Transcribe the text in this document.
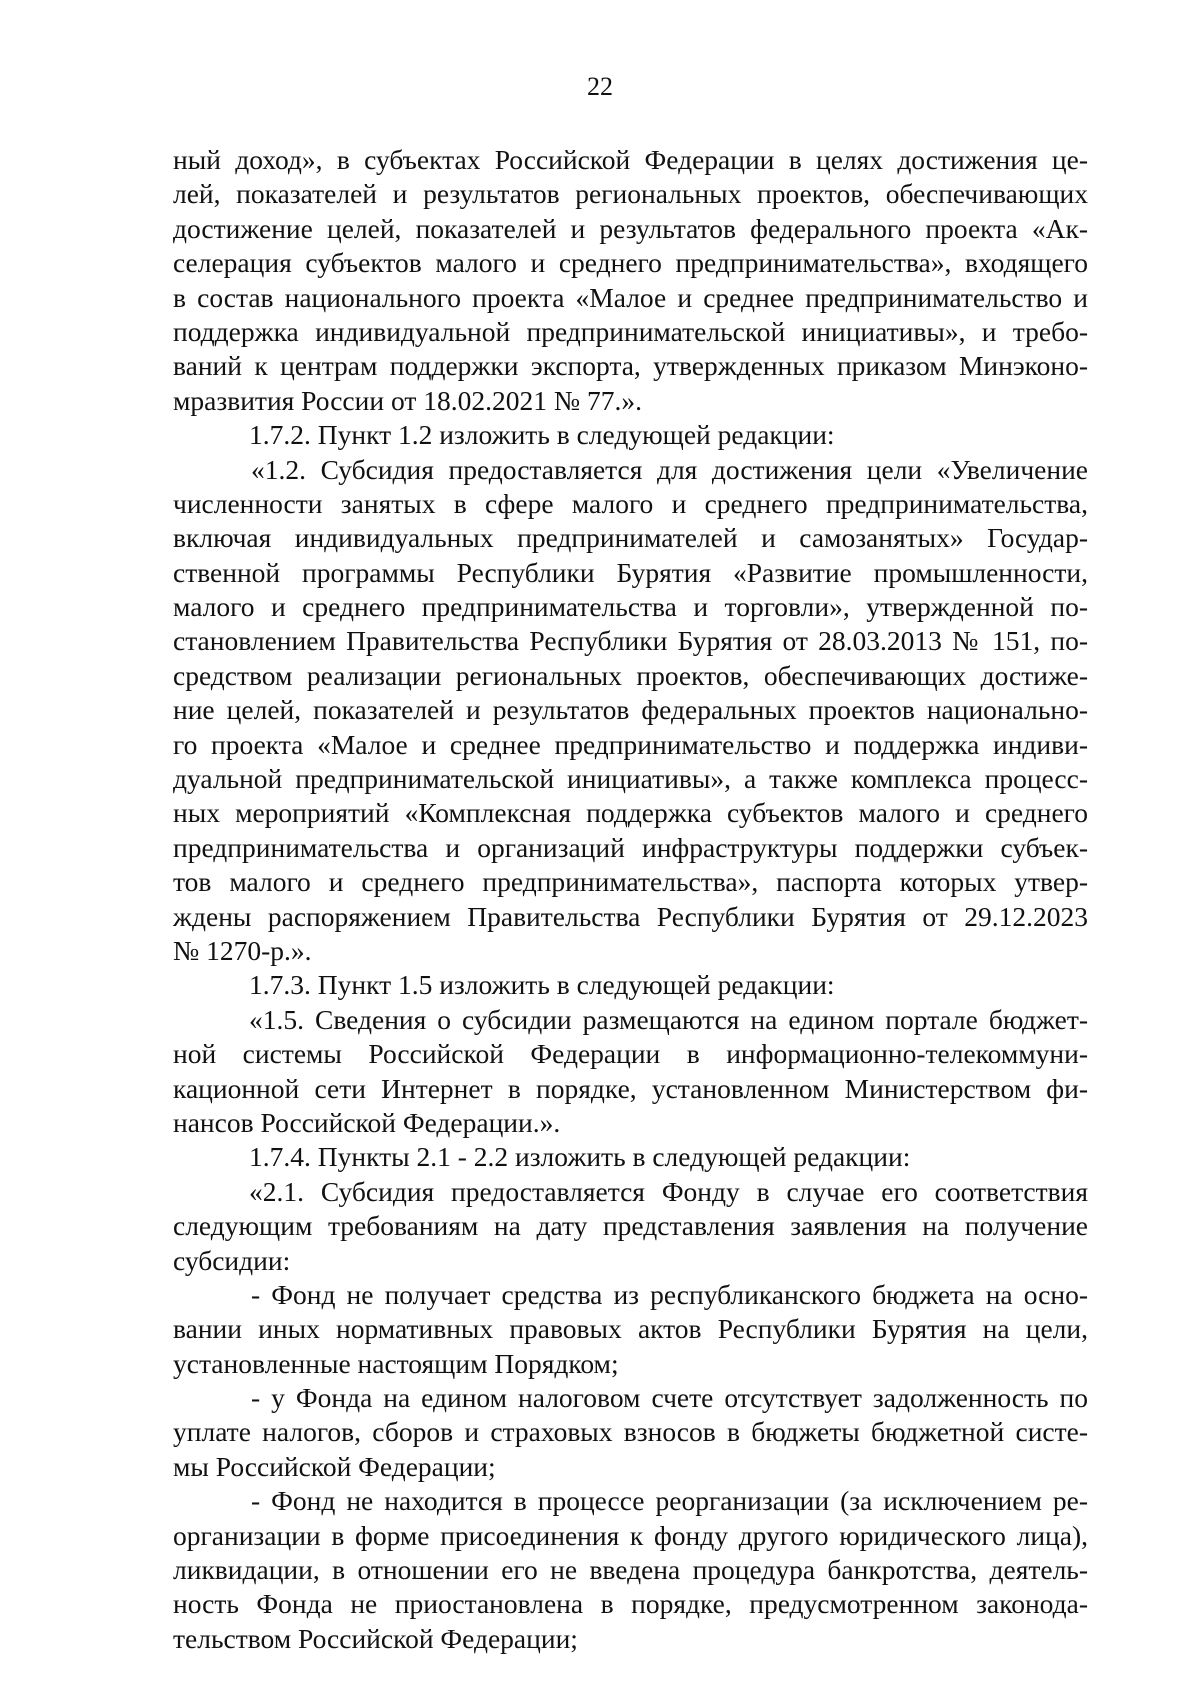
22
ный доход», в субъектах Российской Федерации в целях достижения це-
лей, показателей и результатов региональных проектов, обеспечивающих
достижение целей, показателей и результатов федерального проекта «Ак-
селерация субъектов малого и среднего предпринимательства», входящего
в состав национального проекта «Малое и среднее предпринимательство и
поддержка индивидуальной предпринимательской инициативы», и требо-
ваний к центрам поддержки экспорта, утвержденных приказом Минэконо-
мразвития России от 18.02.2021 № 77.».
1.7.2. Пункт 1.2 изложить в следующей редакции:
«1.2. Субсидия предоставляется для достижения цели «Увеличение
численности занятых в сфере малого и среднего предпринимательства,
включая индивидуальных предпринимателей и самозанятых» Государ-
ственной программы Республики Бурятия «Развитие промышленности,
малого и среднего предпринимательства и торговли», утвержденной по-
становлением Правительства Республики Бурятия от 28.03.2013 № 151, по-
средством реализации региональных проектов, обеспечивающих достиже-
ние целей, показателей и результатов федеральных проектов национально-
го проекта «Малое и среднее предпринимательство и поддержка индиви-
дуальной предпринимательской инициативы», а также комплекса процесс-
ных мероприятий «Комплексная поддержка субъектов малого и среднего
предпринимательства и организаций инфраструктуры поддержки субъек-
тов малого и среднего предпринимательства», паспорта которых утвер-
ждены распоряжением Правительства Республики Бурятия от 29.12.2023
№ 1270-р.».
1.7.3. Пункт 1.5 изложить в следующей редакции:
«1.5. Сведения о субсидии размещаются на едином портале бюджет-
ной системы Российской Федерации в информационно-телекоммуни-
кационной сети Интернет в порядке, установленном Министерством фи-
нансов Российской Федерации.».
1.7.4. Пункты 2.1 - 2.2 изложить в следующей редакции:
«2.1. Субсидия предоставляется Фонду в случае его соответствия
следующим требованиям на дату представления заявления на получение
субсидии:
- Фонд не получает средства из республиканского бюджета на осно-
вании иных нормативных правовых актов Республики Бурятия на цели,
установленные настоящим Порядком;
- у Фонда на едином налоговом счете отсутствует задолженность по
уплате налогов, сборов и страховых взносов в бюджеты бюджетной систе-
мы Российской Федерации;
- Фонд не находится в процессе реорганизации (за исключением ре-
организации в форме присоединения к фонду другого юридического лица),
ликвидации, в отношении его не введена процедура банкротства, деятель-
ность Фонда не приостановлена в порядке, предусмотренном законода-
тельством Российской Федерации;
